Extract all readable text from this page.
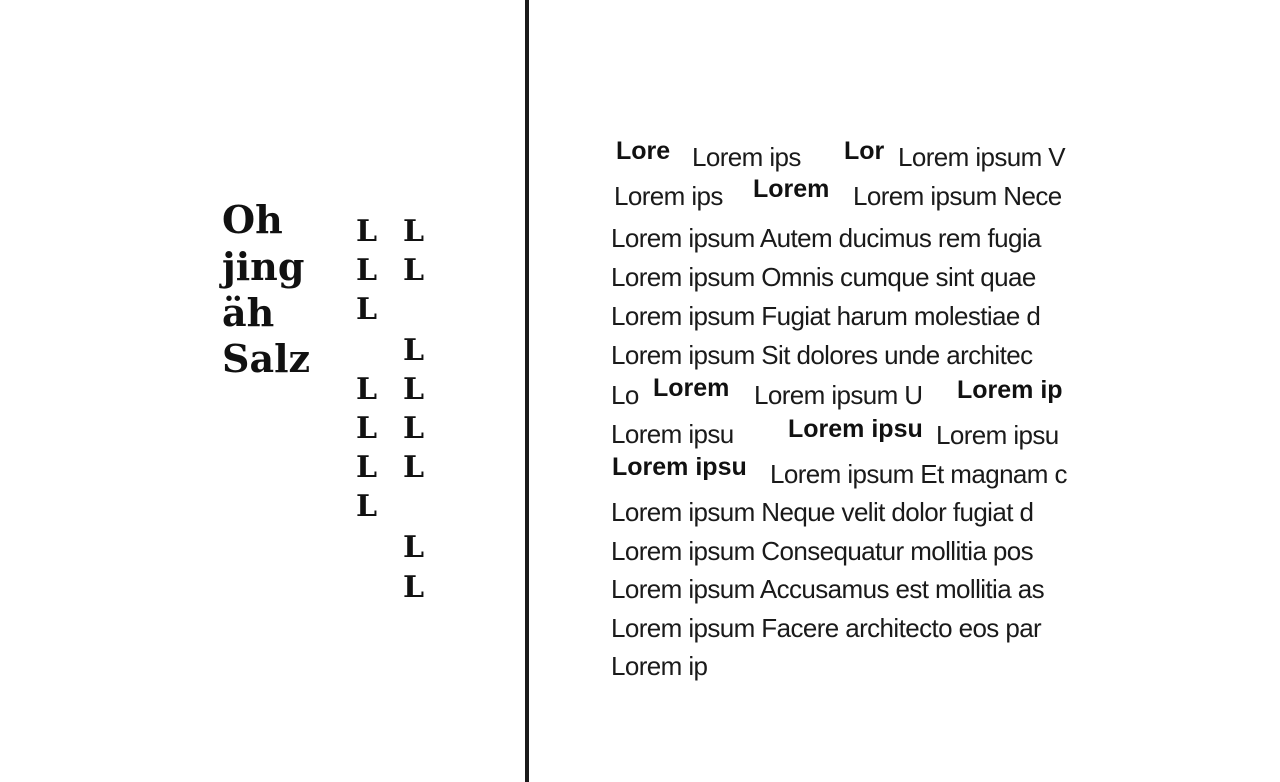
Oh
jing
äh
Salz
L
L
L
L
L
L
L
L
L
L
L
L
L
L
L
Lore Lorem ips Lor Lorem ipsum V
Lorem ips Lorem Lorem ipsum Nece
Lorem ipsum Autem ducimus rem fugia
Lorem ipsum Omnis cumque sint quae
Lorem ipsum Fugiat harum molestiae d
Lorem ipsum Sit dolores unde architec
Lo Lorem Lorem ipsum U Lorem ip
Lorem ipsu Lorem ipsu Lorem ipsu
Lorem ipsu Lorem ipsum Et magnam c
Lorem ipsum Neque velit dolor fugiat d
Lorem ipsum Consequatur mollitia pos
Lorem ipsum Accusamus est mollitia as
Lorem ipsum Facere architecto eos par
Lorem ip
